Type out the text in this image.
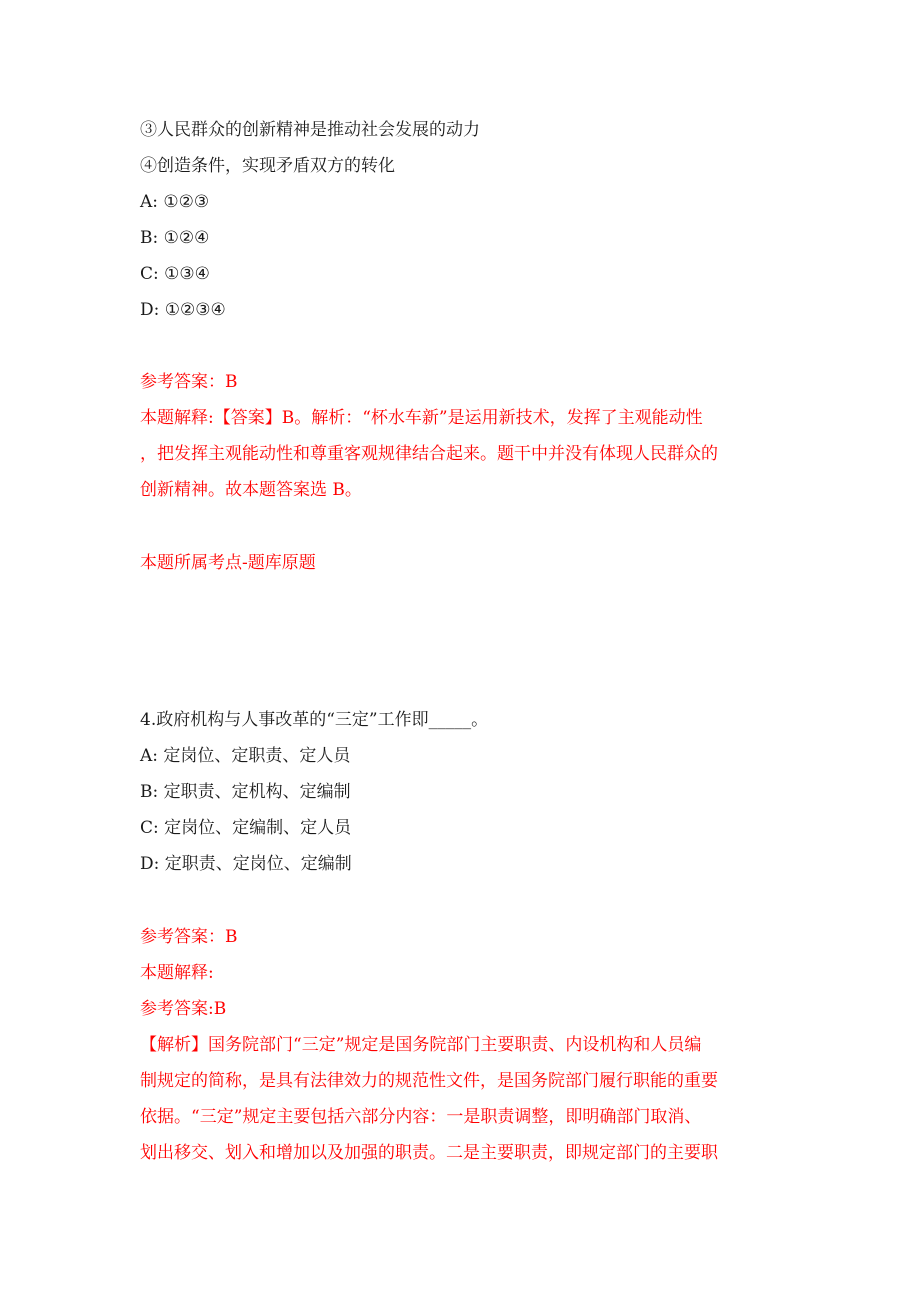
③人民群众的创新精神是推动社会发展的动力
④创造条件，实现矛盾双方的转化
A: ①②③
B: ①②④
C: ①③④
D: ①②③④
参考答案：B
本题解释:【答案】B。解析：“杯水车新”是运用新技术，发挥了主观能动性
，把发挥主观能动性和尊重客观规律结合起来。题干中并没有体现人民群众的
创新精神。故本题答案选 B。
本题所属考点-题库原题
4.政府机构与人事改革的“三定”工作即_____。
A: 定岗位、定职责、定人员
B: 定职责、定机构、定编制
C: 定岗位、定编制、定人员
D: 定职责、定岗位、定编制
参考答案：B
本题解释:
参考答案:B
【解析】国务院部门“三定”规定是国务院部门主要职责、内设机构和人员编
制规定的简称，是具有法律效力的规范性文件，是国务院部门履行职能的重要
依据。“三定”规定主要包括六部分内容：一是职责调整，即明确部门取消、
划出移交、划入和增加以及加强的职责。二是主要职责，即规定部门的主要职
